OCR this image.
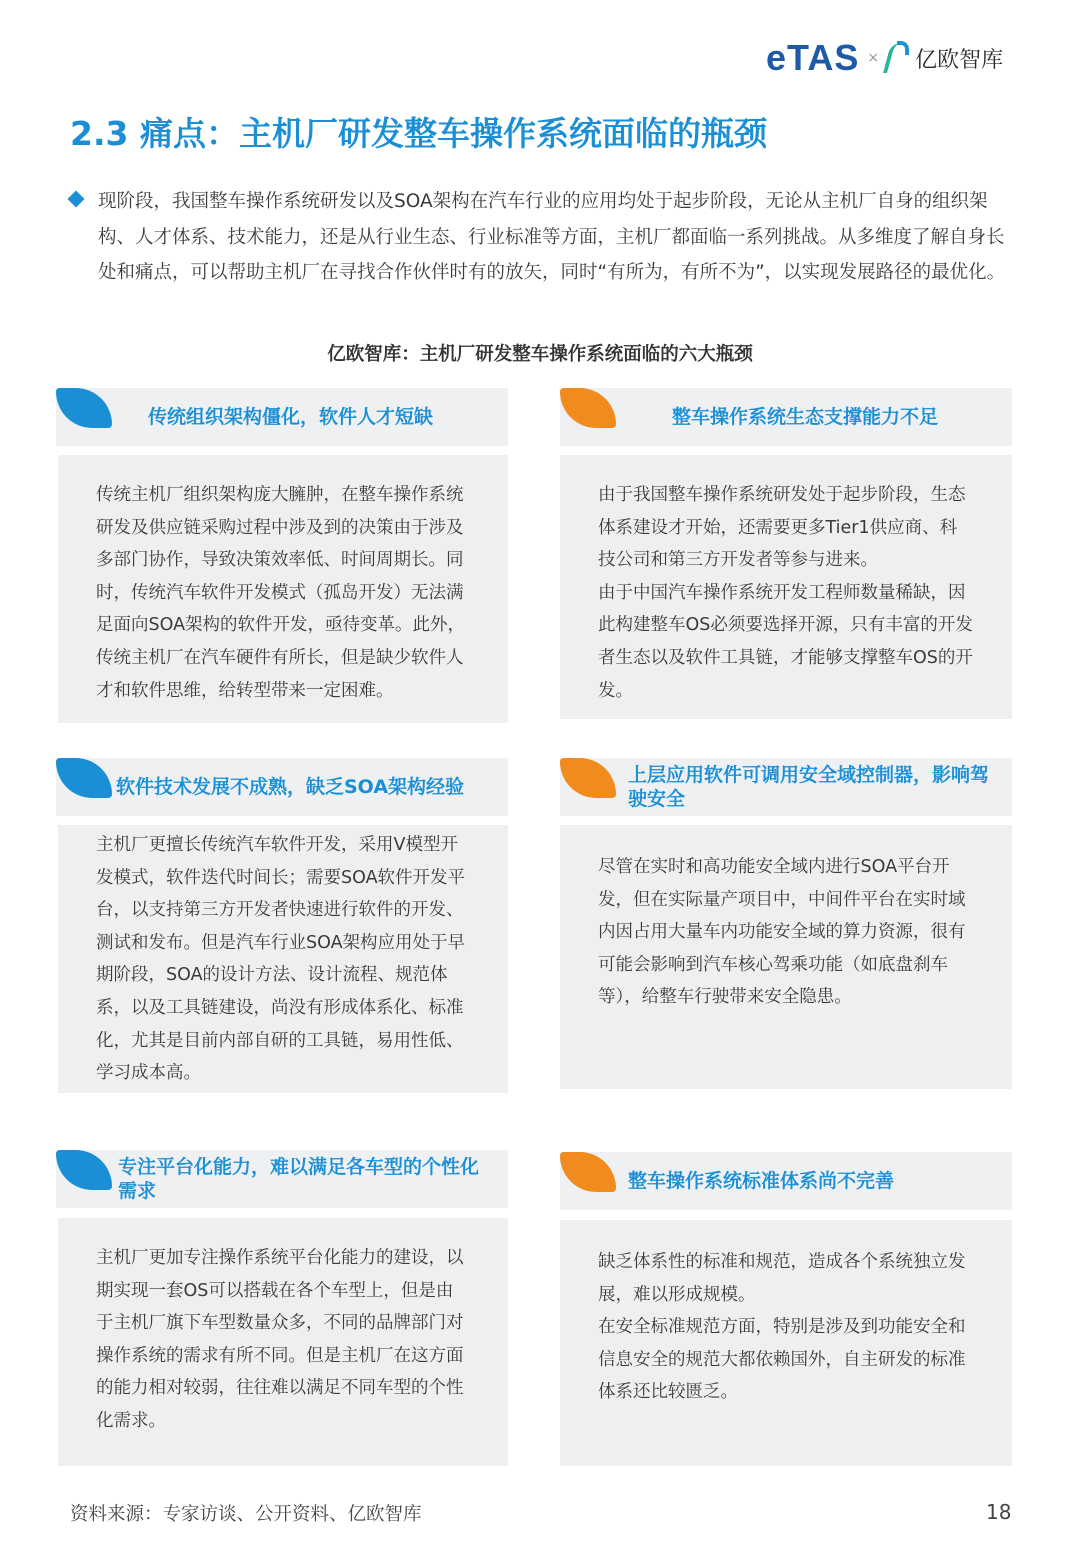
eTAS × 亿欧智库
2.3 痛点：主机厂研发整车操作系统面临的瓶颈
现阶段，我国整车操作系统研发以及SOA架构在汽车行业的应用均处于起步阶段，无论从主机厂自身的组织架构、人才体系、技术能力，还是从行业生态、行业标准等方面，主机厂都面临一系列挑战。从多维度了解自身长处和痛点，可以帮助主机厂在寻找合作伙伴时有的放矢，同时“有所为，有所不为”，以实现发展路径的最优化。
亿欧智库：主机厂研发整车操作系统面临的六大瓶颈
传统组织架构僵化，软件人才短缺
传统主机厂组织架构庞大臃肿，在整车操作系统研发及供应链采购过程中涉及到的决策由于涉及多部门协作，导致决策效率低、时间周期长。同时，传统汽车软件开发模式（孤岛开发）无法满足面向SOA架构的软件开发，亟待变革。此外，传统主机厂在汽车硬件有所长，但是缺少软件人才和软件思维，给转型带来一定困难。
整车操作系统生态支撑能力不足
由于我国整车操作系统研发处于起步阶段，生态体系建设才开始，还需要更多Tier1供应商、科技公司和第三方开发者等参与进来。
由于中国汽车操作系统开发工程师数量稀缺，因此构建整车OS必须要选择开源，只有丰富的开发者生态以及软件工具链，才能够支撑整车OS的开发。
软件技术发展不成熟，缺乏SOA架构经验
主机厂更擅长传统汽车软件开发，采用V模型开发模式，软件迭代时间长；需要SOA软件开发平台，以支持第三方开发者快速进行软件的开发、测试和发布。但是汽车行业SOA架构应用处于早期阶段，SOA的设计方法、设计流程、规范体系，以及工具链建设，尚没有形成体系化、标准化，尤其是目前内部自研的工具链，易用性低、学习成本高。
上层应用软件可调用安全域控制器，影响驾驶安全
尽管在实时和高功能安全域内进行SOA平台开发，但在实际量产项目中，中间件平台在实时域内因占用大量车内功能安全域的算力资源，很有可能会影响到汽车核心驾乘功能（如底盘刹车等），给整车行驶带来安全隐患。
专注平台化能力，难以满足各车型的个性化需求
主机厂更加专注操作系统平台化能力的建设，以期实现一套OS可以搭载在各个车型上，但是由于主机厂旗下车型数量众多，不同的品牌部门对操作系统的需求有所不同。但是主机厂在这方面的能力相对较弱，往往难以满足不同车型的个性化需求。
整车操作系统标准体系尚不完善
缺乏体系性的标准和规范，造成各个系统独立发展，难以形成规模。
在安全标准规范方面，特别是涉及到功能安全和信息安全的规范大都依赖国外，自主研发的标准体系还比较匮乏。
资料来源：专家访谈、公开资料、亿欧智库	18
